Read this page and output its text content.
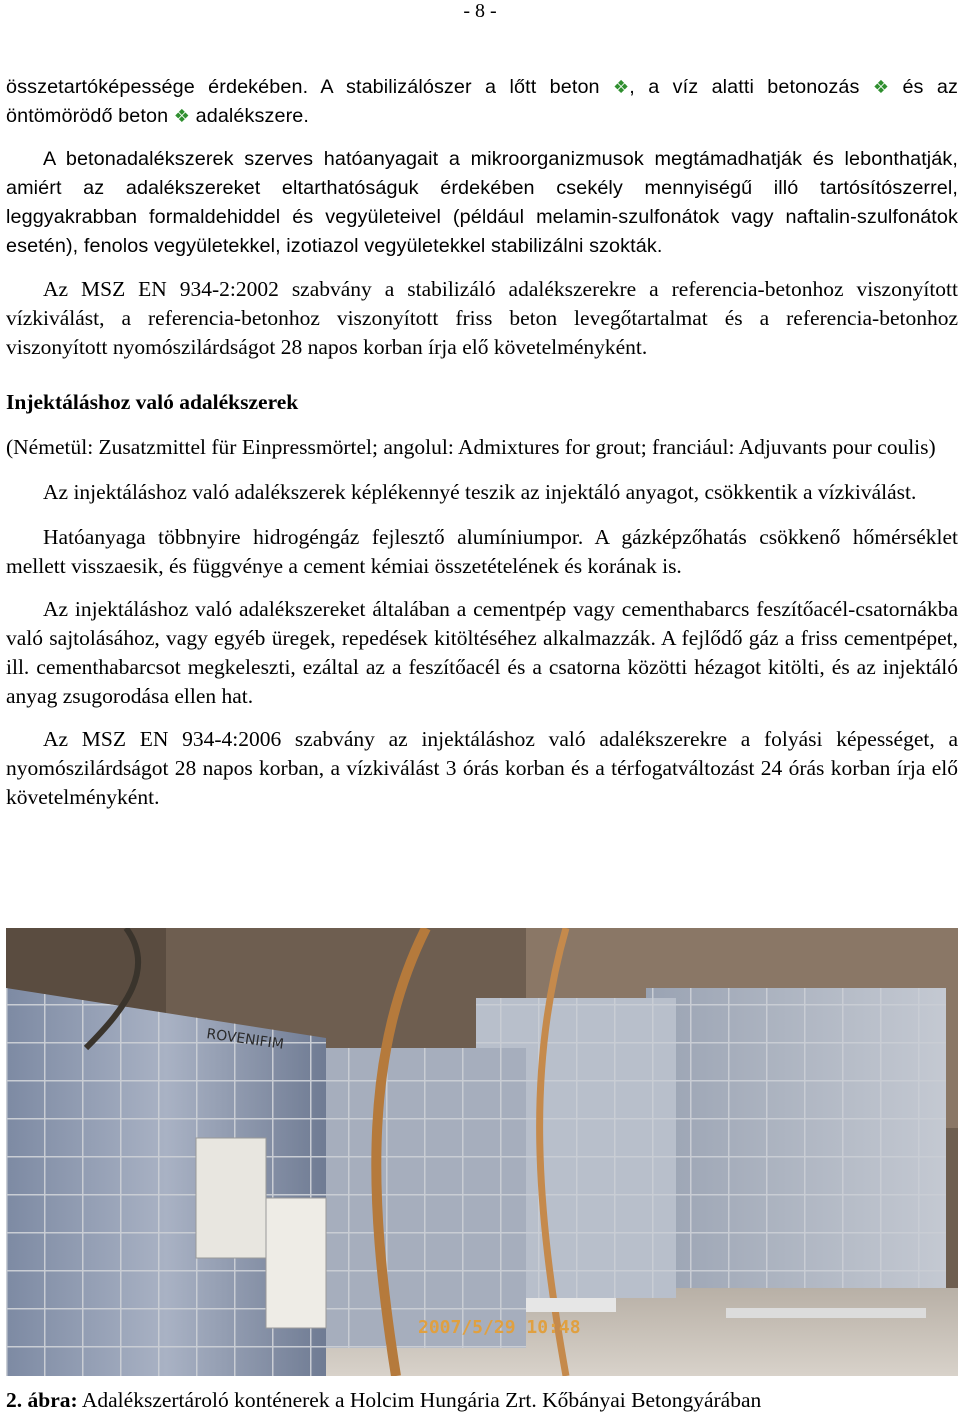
- 8 -

összetartóképessége érdekében. A stabilizálószer a lőtt beton ❖, a víz alatti betonozás ❖ és az öntömörödő beton ❖ adalékszere.

A betonadalékszerek szerves hatóanyagait a mikroorganizmusok megtámadhatják és lebonthatják, amiért az adalékszereket eltarthatóságuk érdekében csekély mennyiségű illó tartósítószerrel, leggyakrabban formaldehiddel és vegyületeivel (például melamin-szulfonátok vagy naftalin-szulfonátok esetén), fenolos vegyületekkel, izotiazol vegyületekkel stabilizálni szokták.

Az MSZ EN 934-2:2002 szabvány a stabilizáló adalékszerekre a referencia-betonhoz viszonyított vízkiválást, a referencia-betonhoz viszonyított friss beton levegőtartalmat és a referencia-betonhoz viszonyított nyomószilárdságot 28 napos korban írja elő követelményként.

Injektáláshoz való adalékszerek

(Németül: Zusatzmittel für Einpressmörtel; angolul: Admixtures for grout; franciául: Adjuvants pour coulis)

Az injektáláshoz való adalékszerek képlékennyé teszik az injektáló anyagot, csökkentik a vízkiválást.

Hatóanyaga többnyire hidrogéngáz fejlesztő alumíniumpor. A gázképzőhatás csökkenő hőmérséklet mellett visszaesik, és függvénye a cement kémiai összetételének és korának is.

Az injektáláshoz való adalékszereket általában a cementpép vagy cementhabarcs feszítőacél-csatornákba való sajtolásához, vagy egyéb üregek, repedések kitöltéséhez alkalmazzák. A fejlődő gáz a friss cementpépet, ill. cementhabarcsot megkeleszti, ezáltal az a feszítőacél és a csatorna közötti hézagot kitölti, és az injektáló anyag zsugorodása ellen hat.

Az MSZ EN 934-4:2006 szabvány az injektáláshoz való adalékszerekre a folyási képességet, a nyomószilárdságot 28 napos korban, a vízkiválást 3 órás korban és a térfogatváltozást 24 órás korban írja elő követelményként.

ROVENIFIM
2007/5/29 10:48
2. ábra: Adalékszertároló konténerek a Holcim Hungária Zrt. Kőbányai Betongyárában
